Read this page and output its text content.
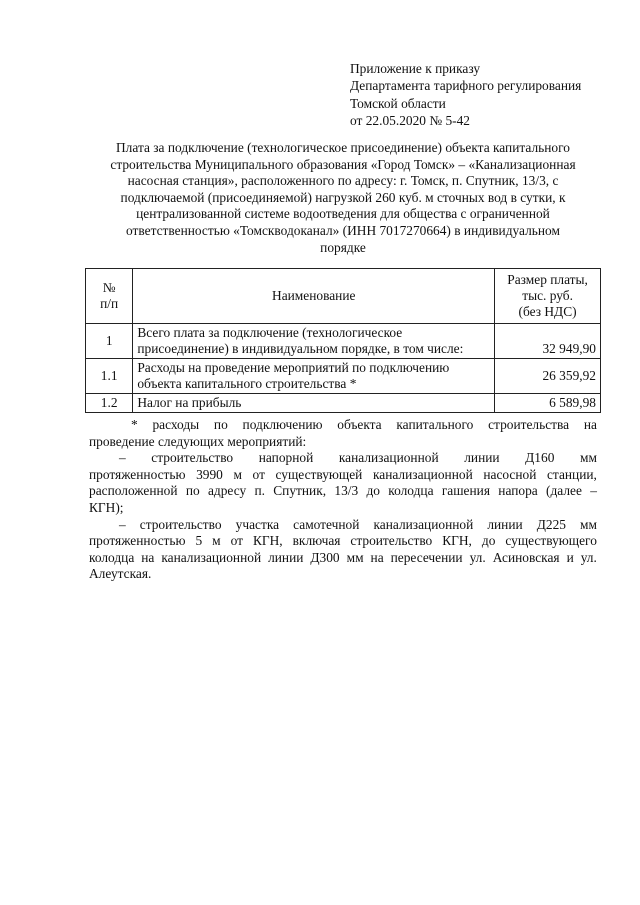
Приложение к приказу
Департамента тарифного регулирования
Томской области
от 22.05.2020 № 5-42
Плата за подключение (технологическое присоединение) объекта капитального
строительства Муниципального образования «Город Томск» – «Канализационная
насосная станция», расположенного по адресу: г. Томск, п. Спутник, 13/3, с
подключаемой (присоединяемой) нагрузкой 260 куб. м сточных вод в сутки, к
централизованной системе водоотведения для общества с ограниченной
ответственностью «Томскводоканал» (ИНН 7017270664) в индивидуальном
порядке
№
п/п	Наименование	Размер платы,
тыс. руб.
(без НДС)

1	Всего плата за подключение (технологическое
присоединение) в индивидуальном порядке, в том числе:	32 949,90
1.1	Расходы на проведение мероприятий по подключению
объекта капитального строительства *	26 359,92
1.2	Налог на прибыль	6 589,98
* расходы по подключению объекта капитального строительства на
проведение следующих мероприятий:
– строительство напорной канализационной линии Д160 мм
протяженностью 3990 м от существующей канализационной насосной станции,
расположенной по адресу п. Спутник, 13/3 до колодца гашения напора (далее –
КГН);
– строительство участка самотечной канализационной линии Д225 мм
протяженностью 5 м от КГН, включая строительство КГН, до существующего
колодца на канализационной линии Д300 мм на пересечении ул. Асиновская и ул.
Алеутская.
